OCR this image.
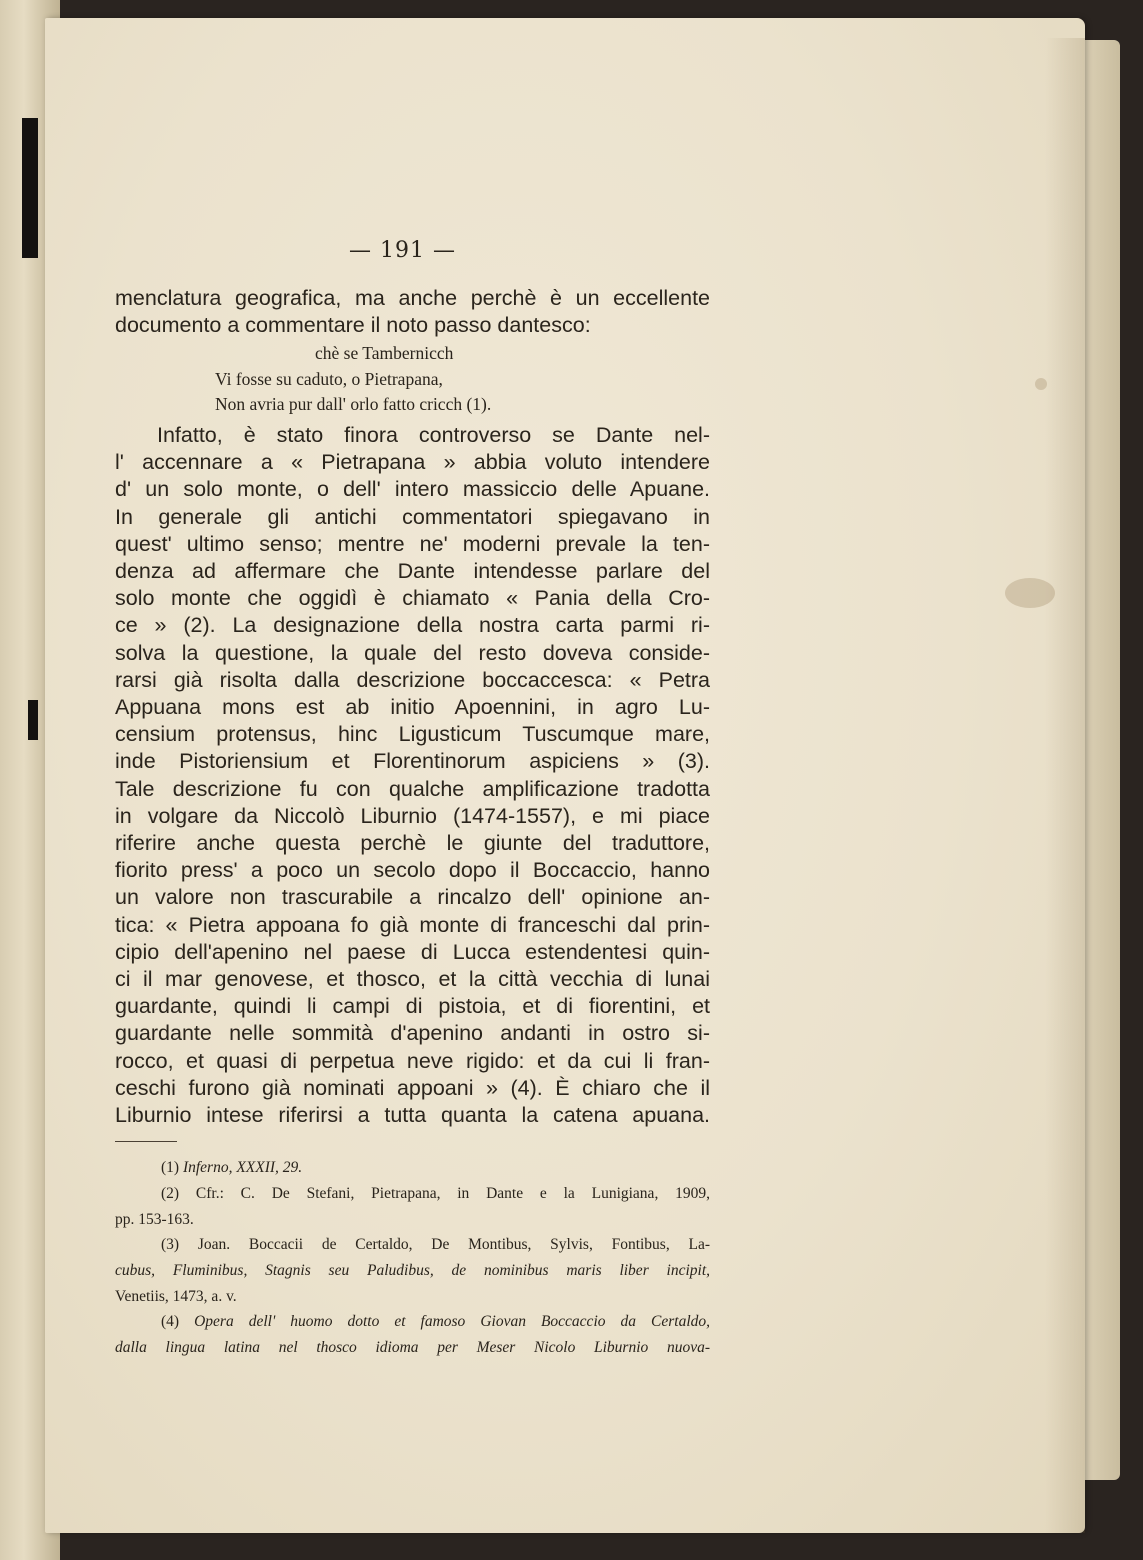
— 191 —

menclatura geografica, ma anche perchè è un eccellente

documento a commentare il noto passo dantesco:

chè se Tambernicch
Vi fosse su caduto, o Pietrapana,
Non avria pur dall' orlo fatto cricch (1).

Infatto, è stato finora controverso se Dante nel-

l' accennare a « Pietrapana » abbia voluto intendere

d' un solo monte, o dell' intero massiccio delle Apuane.

In generale gli antichi commentatori spiegavano in

quest' ultimo senso; mentre ne' moderni prevale la ten-

denza ad affermare che Dante intendesse parlare del

solo monte che oggidì è chiamato « Pania della Cro-

ce » (2). La designazione della nostra carta parmi ri-

solva la questione, la quale del resto doveva conside-

rarsi già risolta dalla descrizione boccaccesca: « Petra

Appuana mons est ab initio Apoennini, in agro Lu-

censium protensus, hinc Ligusticum Tuscumque mare,

inde Pistoriensium et Florentinorum aspiciens » (3).

Tale descrizione fu con qualche amplificazione tradotta

in volgare da Niccolò Liburnio (1474-1557), e mi piace

riferire anche questa perchè le giunte del traduttore,

fiorito press' a poco un secolo dopo il Boccaccio, hanno

un valore non trascurabile a rincalzo dell' opinione an-

tica: « Pietra appoana fo già monte di franceschi dal prin-

cipio dell'apenino nel paese di Lucca estendentesi quin-

ci il mar genovese, et thosco, et la città vecchia di lunai

guardante, quindi li campi di pistoia, et di fiorentini, et

guardante nelle sommità d'apenino andanti in ostro si-

rocco, et quasi di perpetua neve rigido: et da cui li fran-

ceschi furono già nominati appoani » (4). È chiaro che il

Liburnio intese riferirsi a tutta quanta la catena apuana.

(1) Inferno, XXXII, 29.
(2) Cfr.: C. De Stefani, Pietrapana, in Dante e la Lunigiana, 1909,
pp. 153-163.
(3) Joan. Boccacii de Certaldo, De Montibus, Sylvis, Fontibus, La-
cubus, Fluminibus, Stagnis seu Paludibus, de nominibus maris liber incipit,
Venetiis, 1473, a. v.
(4) Opera dell' huomo dotto et famoso Giovan Boccaccio da Certaldo,
dalla lingua latina nel thosco idioma per Meser Nicolo Liburnio nuova-
